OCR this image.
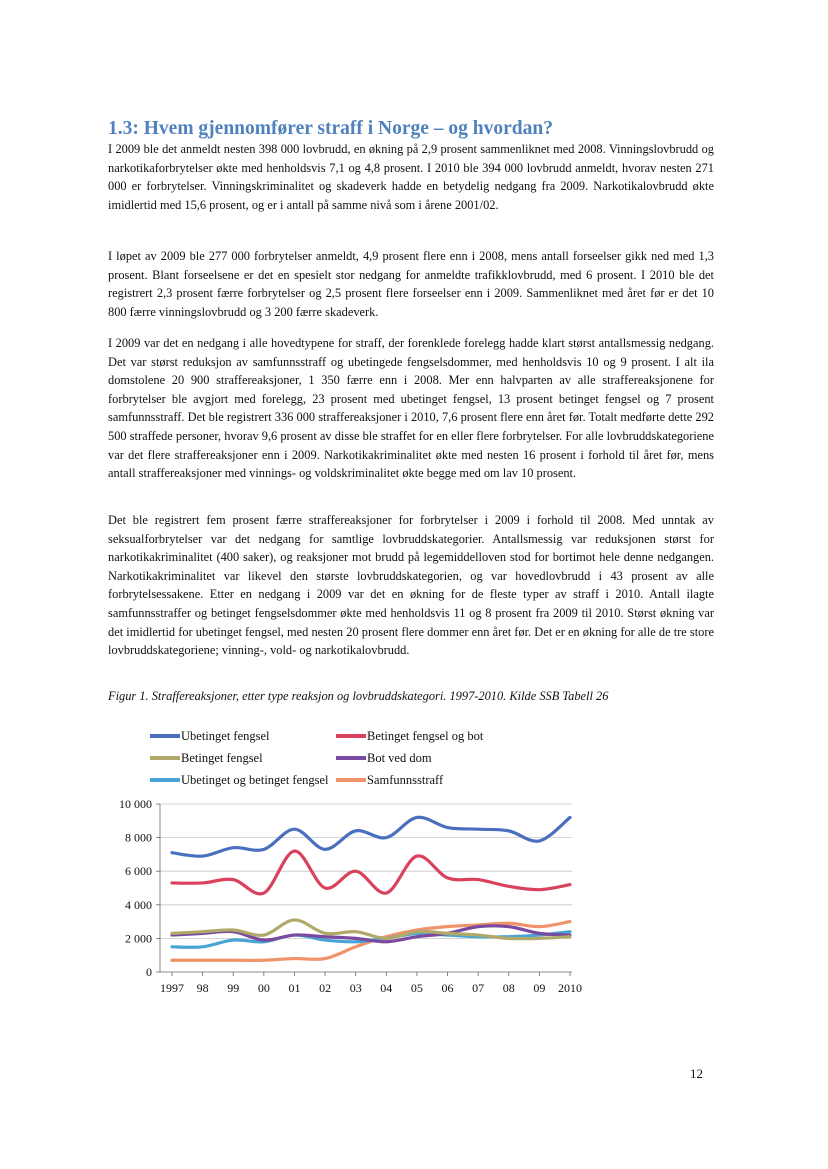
1.3: Hvem gjennomfører straff i Norge – og hvordan?

I 2009 ble det anmeldt nesten 398 000 lovbrudd, en økning på 2,9 prosent sammenliknet med 2008. Vinningslovbrudd og narkotikaforbrytelser økte med henholdsvis 7,1 og 4,8 prosent. I 2010 ble 394 000 lovbrudd anmeldt, hvorav nesten 271 000 er forbrytelser. Vinningskriminalitet og skadeverk hadde en betydelig nedgang fra 2009. Narkotikalovbrudd økte imidlertid med 15,6 prosent, og er i antall på samme nivå som i årene 2001/02.

I løpet av 2009 ble 277 000 forbrytelser anmeldt, 4,9 prosent flere enn i 2008, mens antall forseelser gikk ned med 1,3 prosent. Blant forseelsene er det en spesielt stor nedgang for anmeldte trafikklovbrudd, med 6 prosent. I 2010 ble det registrert 2,3 prosent færre forbrytelser og 2,5 prosent flere forseelser enn i 2009. Sammenliknet med året før er det 10 800 færre vinningslovbrudd og 3 200 færre skadeverk.

I 2009 var det en nedgang i alle hovedtypene for straff, der forenklede forelegg hadde klart størst antallsmessig nedgang. Det var størst reduksjon av samfunnsstraff og ubetingede fengselsdommer, med henholdsvis 10 og 9 prosent. I alt ila domstolene 20 900 straffereaksjoner, 1 350 færre enn i 2008. Mer enn halvparten av alle straffereaksjonene for forbrytelser ble avgjort med forelegg, 23 prosent med ubetinget fengsel, 13 prosent betinget fengsel og 7 prosent samfunnsstraff. Det ble registrert 336 000 straffereaksjoner i 2010, 7,6 prosent flere enn året før. Totalt medførte dette 292 500 straffede personer, hvorav 9,6 prosent av disse ble straffet for en eller flere forbrytelser. For alle lovbruddskategoriene var det flere straffereaksjoner enn i 2009. Narkotikakriminalitet økte med nesten 16 prosent i forhold til året før, mens antall straffereaksjoner med vinnings- og voldskriminalitet økte begge med om lav 10 prosent.

Det ble registrert fem prosent færre straffereaksjoner for forbrytelser i 2009 i forhold til 2008. Med unntak av seksualforbrytelser var det nedgang for samtlige lovbruddskategorier. Antallsmessig var reduksjonen størst for narkotikakriminalitet (400 saker), og reaksjoner mot brudd på legemiddelloven stod for bortimot hele denne nedgangen. Narkotikakriminalitet var likevel den største lovbruddskategorien, og var hovedlovbrudd i 43 prosent av alle forbrytelsessakene. Etter en nedgang i 2009 var det en økning for de fleste typer av straff i 2010. Antall ilagte samfunnsstraffer og betinget fengselsdommer økte med henholdsvis 11 og 8 prosent fra 2009 til 2010. Størst økning var det imidlertid for ubetinget fengsel, med nesten 20 prosent flere dommer enn året før. Det er en økning for alle de tre store lovbruddskategoriene; vinning-, vold- og narkotikalovbrudd.

Figur 1. Straffereaksjoner, etter type reaksjon og lovbruddskategori. 1997-2010. Kilde SSB Tabell 26
0
2 000
4 000
6 000
8 000
10 000
1997 98 99 00 01 02 03 04 05 06 07 08 09 2010
Ubetinget fengsel	Betinget fengsel og bot
Betinget fengsel	Bot ved dom
Ubetinget og betinget fengsel	Samfunnsstraff
12
